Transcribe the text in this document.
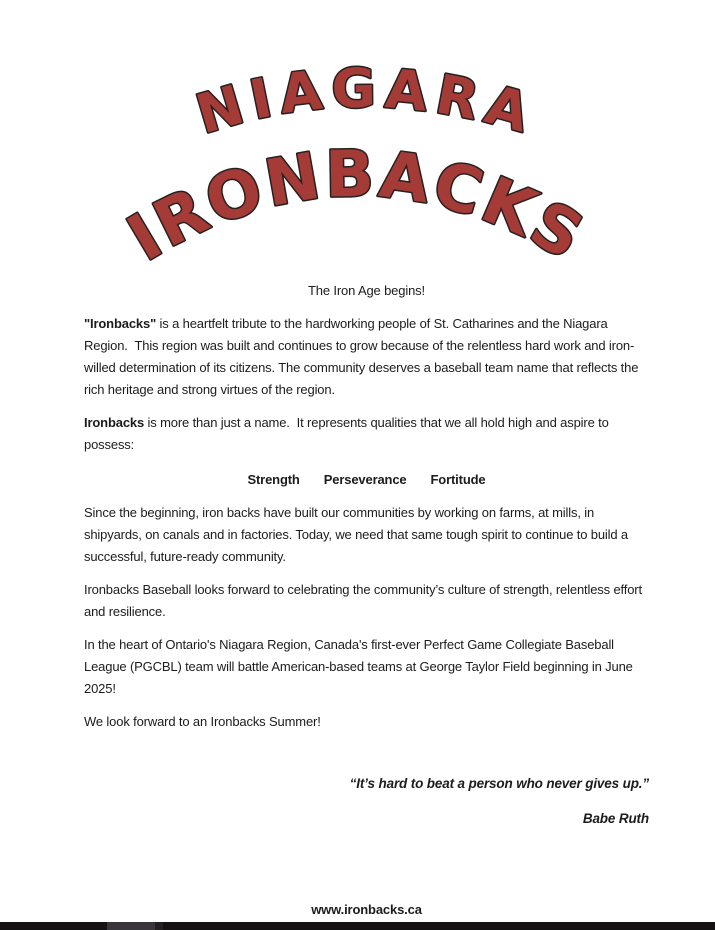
NIAGARA
IRONBACKS
The Iron Age begins!
"Ironbacks" is a heartfelt tribute to the hardworking people of St. Catharines and the Niagara Region.  This region was built and continues to grow because of the relentless hard work and iron-willed determination of its citizens. The community deserves a baseball team name that reflects the rich heritage and strong virtues of the region.
Ironbacks is more than just a name.  It represents qualities that we all hold high and aspire to possess:
Strength Perseverance Fortitude
Since the beginning, iron backs have built our communities by working on farms, at mills, in shipyards, on canals and in factories. Today, we need that same tough spirit to continue to build a successful, future-ready community.
Ironbacks Baseball looks forward to celebrating the community’s culture of strength, relentless effort and resilience.
In the heart of Ontario's Niagara Region, Canada's first-ever Perfect Game Collegiate Baseball League (PGCBL) team will battle American-based teams at George Taylor Field beginning in June 2025!
We look forward to an Ironbacks Summer!
“It’s hard to beat a person who never gives up.”
Babe Ruth
www.ironbacks.ca
